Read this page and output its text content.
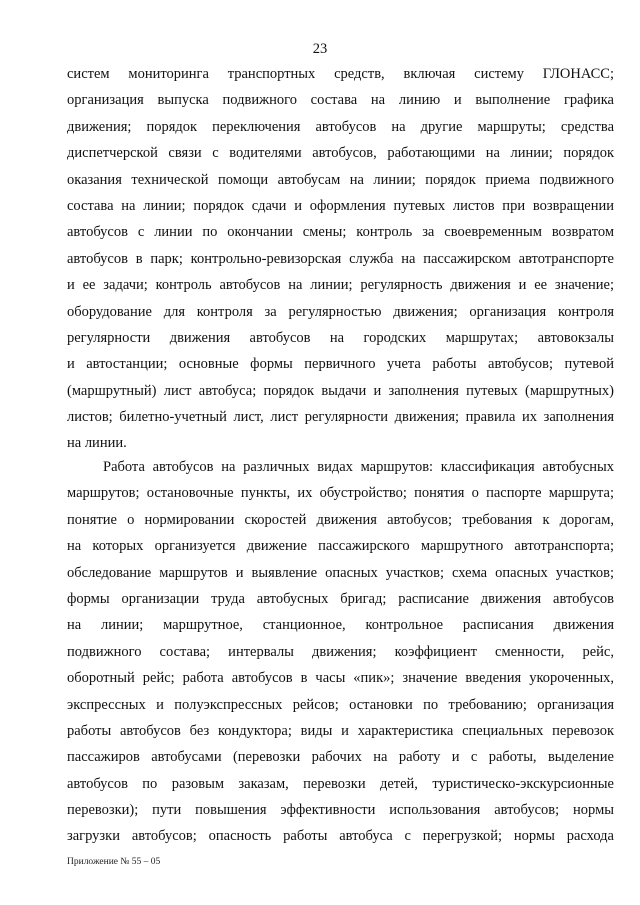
23
систем мониторинга транспортных средств, включая систему ГЛОНАСС;
организация выпуска подвижного состава на линию и выполнение графика
движения; порядок переключения автобусов на другие маршруты; средства
диспетчерской связи с водителями автобусов, работающими на линии; порядок
оказания технической помощи автобусам на линии; порядок приема подвижного
состава на линии; порядок сдачи и оформления путевых листов при возвращении
автобусов с линии по окончании смены; контроль за своевременным возвратом
автобусов в парк; контрольно-ревизорская служба на пассажирском автотранспорте
и ее задачи; контроль автобусов на линии; регулярность движения и ее значение;
оборудование для контроля за регулярностью движения; организация контроля
регулярности движения автобусов на городских маршрутах; автовокзалы
и автостанции; основные формы первичного учета работы автобусов; путевой
(маршрутный) лист автобуса; порядок выдачи и заполнения путевых (маршрутных)
листов; билетно-учетный лист, лист регулярности движения; правила их заполнения
на линии.
Работа автобусов на различных видах маршрутов: классификация автобусных
маршрутов; остановочные пункты, их обустройство; понятия о паспорте маршрута;
понятие о нормировании скоростей движения автобусов; требования к дорогам,
на которых организуется движение пассажирского маршрутного автотранспорта;
обследование маршрутов и выявление опасных участков; схема опасных участков;
формы организации труда автобусных бригад; расписание движения автобусов
на линии; маршрутное, станционное, контрольное расписания движения
подвижного состава; интервалы движения; коэффициент сменности, рейс,
оборотный рейс; работа автобусов в часы «пик»; значение введения укороченных,
экспрессных и полуэкспрессных рейсов; остановки по требованию; организация
работы автобусов без кондуктора; виды и характеристика специальных перевозок
пассажиров автобусами (перевозки рабочих на работу и с работы, выделение
автобусов по разовым заказам, перевозки детей, туристическо-экскурсионные
перевозки); пути повышения эффективности использования автобусов; нормы
загрузки автобусов; опасность работы автобуса с перегрузкой; нормы расхода
Приложение № 55 – 05
